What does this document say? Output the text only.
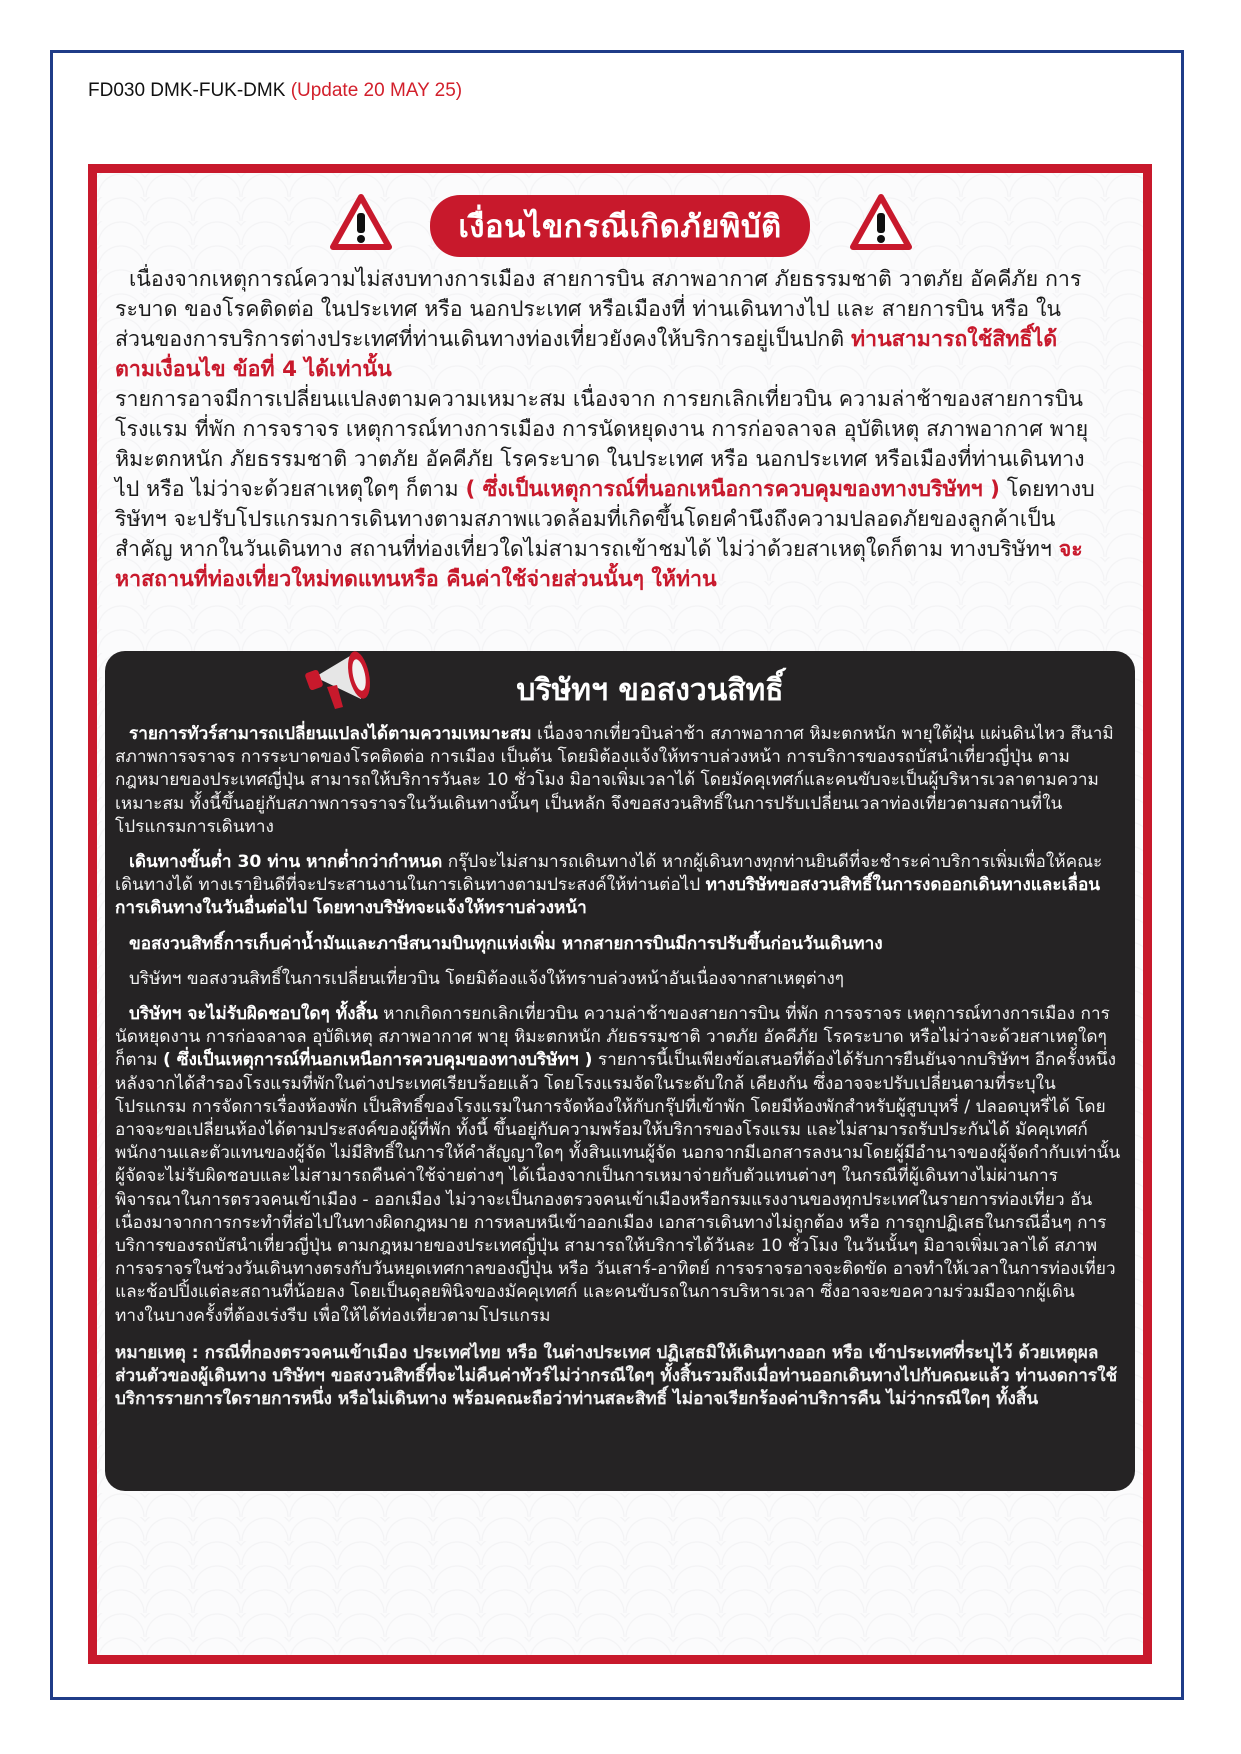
FD030 DMK-FUK-DMK (Update 20 MAY 25)
เงื่อนไขกรณีเกิดภัยพิบัติ

เนื่องจากเหตุการณ์ความไม่สงบทางการเมือง สายการบิน สภาพอากาศ ภัยธรรมชาติ วาตภัย อัคคีภัย การระบาด ของโรคติดต่อ ในประเทศ หรือ นอกประเทศ หรือเมืองที่ ท่านเดินทางไป และ สายการบิน หรือ ในส่วนของการบริการต่างประเทศที่ท่านเดินทางท่องเที่ยวยังคงให้บริการอยู่เป็นปกติ ท่านสามารถใช้สิทธิ์ได้ตามเงื่อนไข ข้อที่ 4 ได้เท่านั้น

รายการอาจมีการเปลี่ยนแปลงตามความเหมาะสม เนื่องจาก การยกเลิกเที่ยวบิน ความล่าช้าของสายการบิน โรงแรม ที่พัก การจราจร เหตุการณ์ทางการเมือง การนัดหยุดงาน การก่อจลาจล อุบัติเหตุ สภาพอากาศ พายุ หิมะตกหนัก ภัยธรรมชาติ วาตภัย อัคคีภัย โรคระบาด ในประเทศ หรือ นอกประเทศ หรือเมืองที่ท่านเดินทางไป หรือ ไม่ว่าจะด้วยสาเหตุใดๆ ก็ตาม ( ซึ่งเป็นเหตุการณ์ที่นอกเหนือการควบคุมของทางบริษัทฯ ) โดยทางบริษัทฯ จะปรับโปรแกรมการเดินทางตามสภาพแวดล้อมที่เกิดขึ้นโดยคำนึงถึงความปลอดภัยของลูกค้าเป็นสำคัญ หากในวันเดินทาง สถานที่ท่องเที่ยวใดไม่สามารถเข้าชมได้ ไม่ว่าด้วยสาเหตุใดก็ตาม ทางบริษัทฯ จะหาสถานที่ท่องเที่ยวใหม่ทดแทนหรือ คืนค่าใช้จ่ายส่วนนั้นๆ ให้ท่าน

บริษัทฯ ขอสงวนสิทธิ์

รายการทัวร์สามารถเปลี่ยนแปลงได้ตามความเหมาะสม เนื่องจากเที่ยวบินล่าช้า สภาพอากาศ หิมะตกหนัก พายุใต้ฝุ่น แผ่นดินไหว สึนามิ สภาพการจราจร การระบาดของโรคติดต่อ การเมือง เป็นต้น โดยมิต้องแจ้งให้ทราบล่วงหน้า การบริการของรถบัสนำเที่ยวญี่ปุ่น ตามกฎหมายของประเทศญี่ปุ่น สามารถให้บริการวันละ 10 ชั่วโมง มิอาจเพิ่มเวลาได้ โดยมัคคุเทศก์และคนขับจะเป็นผู้บริหารเวลาตามความเหมาะสม ทั้งนี้ขึ้นอยู่กับสภาพการจราจรในวันเดินทางนั้นๆ เป็นหลัก จึงขอสงวนสิทธิ์ในการปรับเปลี่ยนเวลาท่องเที่ยวตามสถานที่ในโปรแกรมการเดินทาง

เดินทางขั้นต่ำ 30 ท่าน หากต่ำกว่ากำหนด กรุ๊ปจะไม่สามารถเดินทางได้ หากผู้เดินทางทุกท่านยินดีที่จะชำระค่าบริการเพิ่มเพื่อให้คณะเดินทางได้ ทางเรายินดีที่จะประสานงานในการเดินทางตามประสงค์ให้ท่านต่อไป ทางบริษัทขอสงวนสิทธิ์ในการงดออกเดินทางและเลื่อนการเดินทางในวันอื่นต่อไป โดยทางบริษัทจะแจ้งให้ทราบล่วงหน้า

ขอสงวนสิทธิ์การเก็บค่าน้ำมันและภาษีสนามบินทุกแห่งเพิ่ม หากสายการบินมีการปรับขึ้นก่อนวันเดินทาง

บริษัทฯ ขอสงวนสิทธิ์ในการเปลี่ยนเที่ยวบิน โดยมิต้องแจ้งให้ทราบล่วงหน้าอันเนื่องจากสาเหตุต่างๆ

บริษัทฯ จะไม่รับผิดชอบใดๆ ทั้งสิ้น หากเกิดการยกเลิกเที่ยวบิน ความล่าช้าของสายการบิน ที่พัก การจราจร เหตุการณ์ทางการเมือง การนัดหยุดงาน การก่อจลาจล อุบัติเหตุ สภาพอากาศ พายุ หิมะตกหนัก ภัยธรรมชาติ วาตภัย อัคคีภัย โรคระบาด หรือไม่ว่าจะด้วยสาเหตุใดๆ ก็ตาม ( ซึ่งเป็นเหตุการณ์ที่นอกเหนือการควบคุมของทางบริษัทฯ ) รายการนี้เป็นเพียงข้อเสนอที่ต้องได้รับการยืนยันจากบริษัทฯ อีกครั้งหนึ่ง หลังจากได้สำรองโรงแรมที่พักในต่างประเทศเรียบร้อยแล้ว โดยโรงแรมจัดในระดับใกล้ เคียงกัน ซึ่งอาจจะปรับเปลี่ยนตามที่ระบุในโปรแกรม การจัดการเรื่องห้องพัก เป็นสิทธิ์ของโรงแรมในการจัดห้องให้กับกรุ๊ปที่เข้าพัก โดยมีห้องพักสำหรับผู้สูบบุหรี่ / ปลอดบุหรี่ได้ โดยอาจจะขอเปลี่ยนห้องได้ตามประสงค์ของผู้ที่พัก ทั้งนี้ ขึ้นอยู่กับความพร้อมให้บริการของโรงแรม และไม่สามารถรับประกันได้ มัคคุเทศก์ พนักงานและตัวแทนของผู้จัด ไม่มีสิทธิ์ในการให้คำสัญญาใดๆ ทั้งสินแทนผู้จัด นอกจากมีเอกสารลงนามโดยผู้มีอำนาจของผู้จัดกำกับเท่านั้น ผู้จัดจะไม่รับผิดชอบและไม่สามารถคืนค่าใช้จ่ายต่างๆ ได้เนื่องจากเป็นการเหมาจ่ายกับตัวแทนต่างๆ ในกรณีที่ผู้เดินทางไม่ผ่านการพิจารณาในการตรวจคนเข้าเมือง - ออกเมือง ไม่วาจะเป็นกองตรวจคนเข้าเมืองหรือกรมแรงงานของทุกประเทศในรายการท่องเที่ยว อันเนื่องมาจากการกระทำที่ส่อไปในทางผิดกฎหมาย การหลบหนีเข้าออกเมือง เอกสารเดินทางไม่ถูกต้อง หรือ การถูกปฏิเสธในกรณีอื่นๆ การบริการของรถบัสนำเที่ยวญี่ปุ่น ตามกฎหมายของประเทศญี่ปุ่น สามารถให้บริการได้วันละ 10 ชั่วโมง ในวันนั้นๆ มิอาจเพิ่มเวลาได้ สภาพการจราจรในช่วงวันเดินทางตรงกับวันหยุดเทศกาลของญี่ปุ่น หรือ วันเสาร์-อาทิตย์ การจราจรอาจจะติดขัด อาจทำให้เวลาในการท่องเที่ยว และช้อปปิ้งแต่ละสถานที่น้อยลง โดยเป็นดุลยพินิจของมัคคุเทศก์ และคนขับรถในการบริหารเวลา ซึ่งอาจจะขอความร่วมมือจากผู้เดินทางในบางครั้งที่ต้องเร่งรีบ เพื่อให้ได้ท่องเที่ยวตามโปรแกรม

หมายเหตุ : กรณีที่กองตรวจคนเข้าเมือง ประเทศไทย หรือ ในต่างประเทศ ปฏิเสธมิให้เดินทางออก หรือ เข้าประเทศที่ระบุไว้ ด้วยเหตุผลส่วนตัวของผู้เดินทาง บริษัทฯ ขอสงวนสิทธิ์ที่จะไม่คืนค่าทัวร์ไม่ว่ากรณีใดๆ ทั้งสิ้นรวมถึงเมื่อท่านออกเดินทางไปกับคณะแล้ว ท่านงดการใช้บริการรายการใดรายการหนึ่ง หรือไม่เดินทาง พร้อมคณะถือว่าท่านสละสิทธิ์ ไม่อาจเรียกร้องค่าบริการคืน ไม่ว่ากรณีใดๆ ทั้งสิ้น
